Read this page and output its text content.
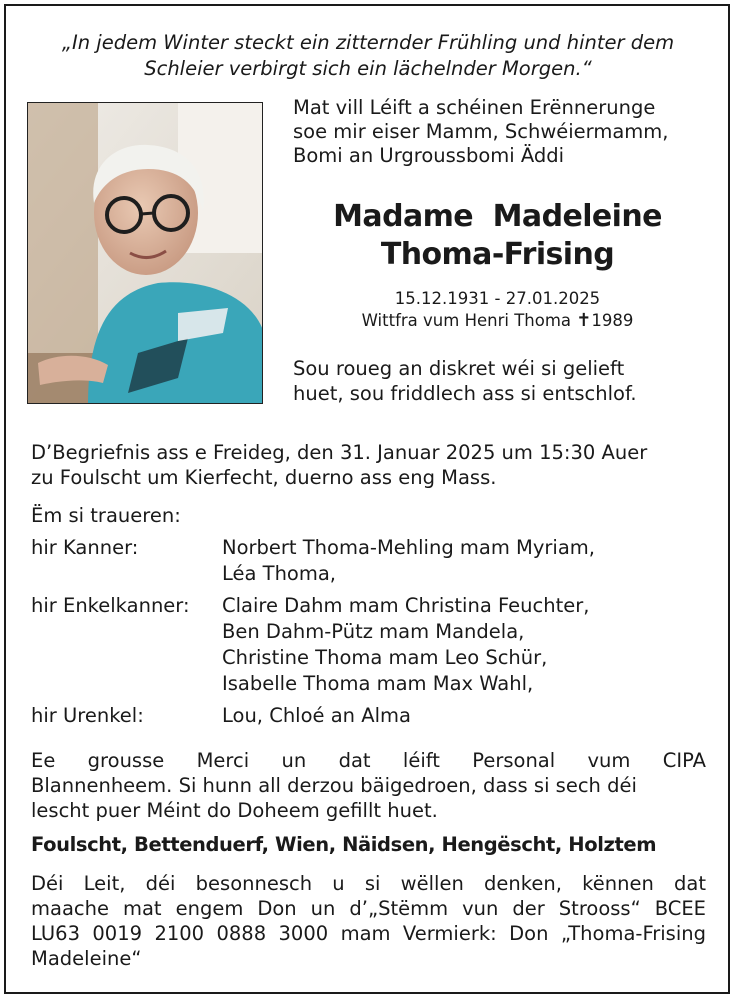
„In jedem Winter steckt ein zitternder Frühling und hinter dem
Schleier verbirgt sich ein lächelnder Morgen.“
Mat vill Léift a schéinen Erënnerunge
soe mir eiser Mamm, Schwéiermamm,
Bomi an Urgroussbomi Äddi
Madame  Madeleine
Thoma-Frising
15.12.1931 - 27.01.2025
Wittfra vum Henri Thoma ✝1989
Sou roueg an diskret wéi si gelieft
huet, sou friddlech ass si entschlof.
D’Begriefnis ass e Freideg, den 31. Januar 2025 um 15:30 Auer
zu Foulscht um Kierfecht, duerno ass eng Mass.
Ëm si traueren:
hir Kanner:	Norbert Thoma-Mehling mam Myriam,
Léa Thoma,
hir Enkelkanner:	Claire Dahm mam Christina Feuchter,
Ben Dahm-Pütz mam Mandela,
Christine Thoma mam Leo Schür,
Isabelle Thoma mam Max Wahl,
hir Urenkel:	Lou, Chloé an Alma
Ee grousse Merci un dat léift Personal vum CIPA
Blannenheem. Si hunn all derzou bäigedroen, dass si sech déi
lescht puer Méint do Doheem gefillt huet.
Foulscht, Bettenduerf, Wien, Näidsen, Hengëscht, Holztem
Déi Leit, déi besonnesch u si wëllen denken, kënnen dat
maache mat engem Don un d’„Stëmm vun der Strooss“ BCEE
LU63 0019 2100 0888 3000 mam Vermierk: Don „Thoma-Frising
Madeleine“
